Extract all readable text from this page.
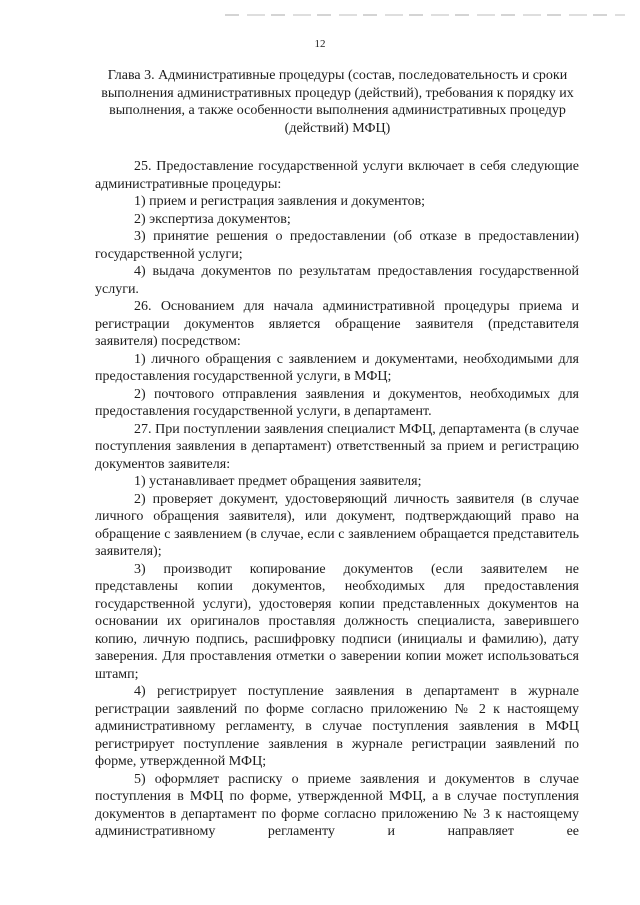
12
Глава 3. Административные процедуры (состав, последовательность и сроки выполнения административных процедур (действий), требования к порядку их выполнения, а также особенности выполнения административных процедур (действий) МФЦ)

25. Предоставление государственной услуги включает в себя следующие административные процедуры:

1) прием и регистрация заявления и документов;

2) экспертиза документов;

3) принятие решения о предоставлении (об отказе в предоставлении) государственной услуги;

4) выдача документов по результатам предоставления государственной услуги.

26. Основанием для начала административной процедуры приема и регистрации документов является обращение заявителя (представителя заявителя) посредством:

1) личного обращения с заявлением и документами, необходимыми для предоставления государственной услуги, в МФЦ;

2) почтового отправления заявления и документов, необходимых для предоставления государственной услуги, в департамент.

27. При поступлении заявления специалист МФЦ, департамента (в случае поступления заявления в департамент) ответственный за прием и регистрацию документов заявителя:

1) устанавливает предмет обращения заявителя;

2) проверяет документ, удостоверяющий личность заявителя (в случае личного обращения заявителя), или документ, подтверждающий право на обращение с заявлением (в случае, если с заявлением обращается представитель заявителя);

3) производит копирование документов (если заявителем не представлены копии документов, необходимых для предоставления государственной услуги), удостоверяя копии представленных документов на основании их оригиналов проставляя должность специалиста, заверившего копию, личную подпись, расшифровку подписи (инициалы и фамилию), дату заверения. Для проставления отметки о заверении копии может использоваться штамп;

4) регистрирует поступление заявления в департамент в журнале регистрации заявлений по форме согласно приложению № 2 к настоящему административному регламенту, в случае поступления заявления в МФЦ регистрирует поступление заявления в журнале регистрации заявлений по форме, утвержденной МФЦ;

5) оформляет расписку о приеме заявления и документов в случае поступления в МФЦ по форме, утвержденной МФЦ, а в случае поступления документов в департамент по форме согласно приложению № 3 к настоящему административному регламенту и направляет ее
